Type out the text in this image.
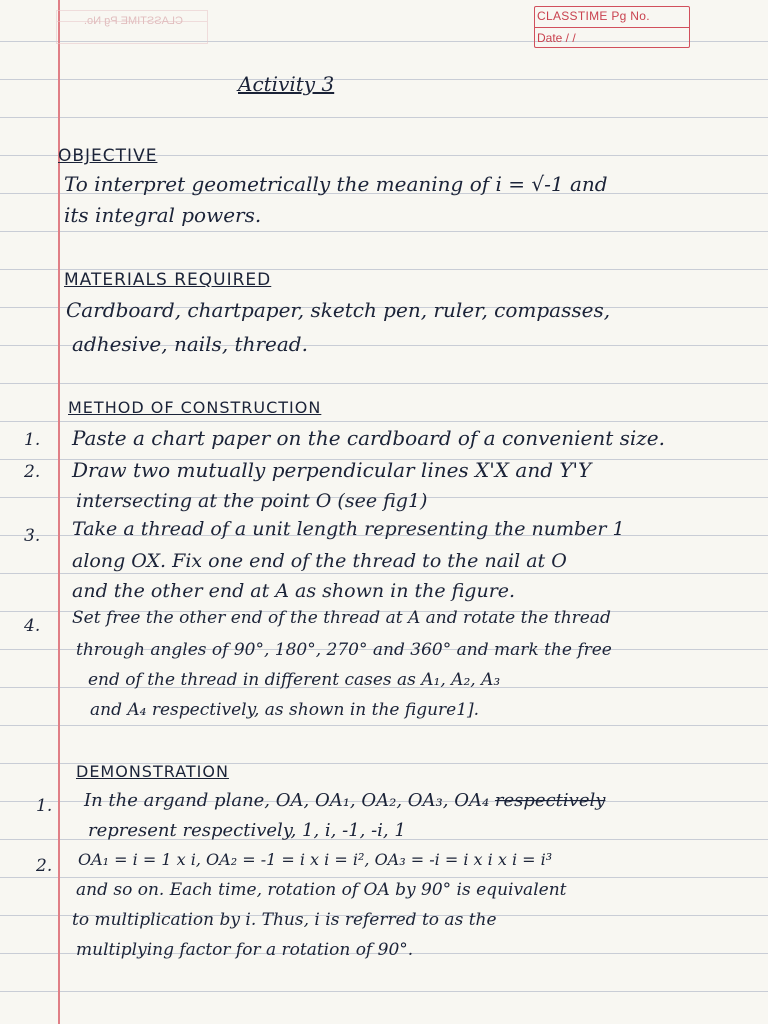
CLASSTIME Pg No.	CLASSTIME Pg No.
Date / /
Activity 3
OBJECTIVE
To interpret geometrically the meaning of i = √-1 and
its integral powers.
MATERIALS REQUIRED
Cardboard, chartpaper, sketch pen, ruler, compasses,
adhesive, nails, thread.
METHOD OF CONSTRUCTION
1. Paste a chart paper on the cardboard of a convenient size.
2. Draw two mutually perpendicular lines X'X and Y'Y
intersecting at the point O (see fig1)
3. Take a thread of a unit length representing the number 1
along OX. Fix one end of the thread to the nail at O
and the other end at A as shown in the figure.
4. Set free the other end of the thread at A and rotate the thread
through angles of 90°, 180°, 270° and 360° and mark the free
end of the thread in different cases as A₁, A₂, A₃
and A₄ respectively, as shown in the figure1].
DEMONSTRATION
1. In the argand plane, OA, OA₁, OA₂, OA₃, OA₄ respectively
represent respectively, 1, i, -1, -i, 1
2. OA₁ = i = 1 x i, OA₂ = -1 = i x i = i², OA₃ = -i = i x i x i = i³
and so on. Each time, rotation of OA by 90° is equivalent
to multiplication by i. Thus, i is referred to as the
multiplying factor for a rotation of 90°.
